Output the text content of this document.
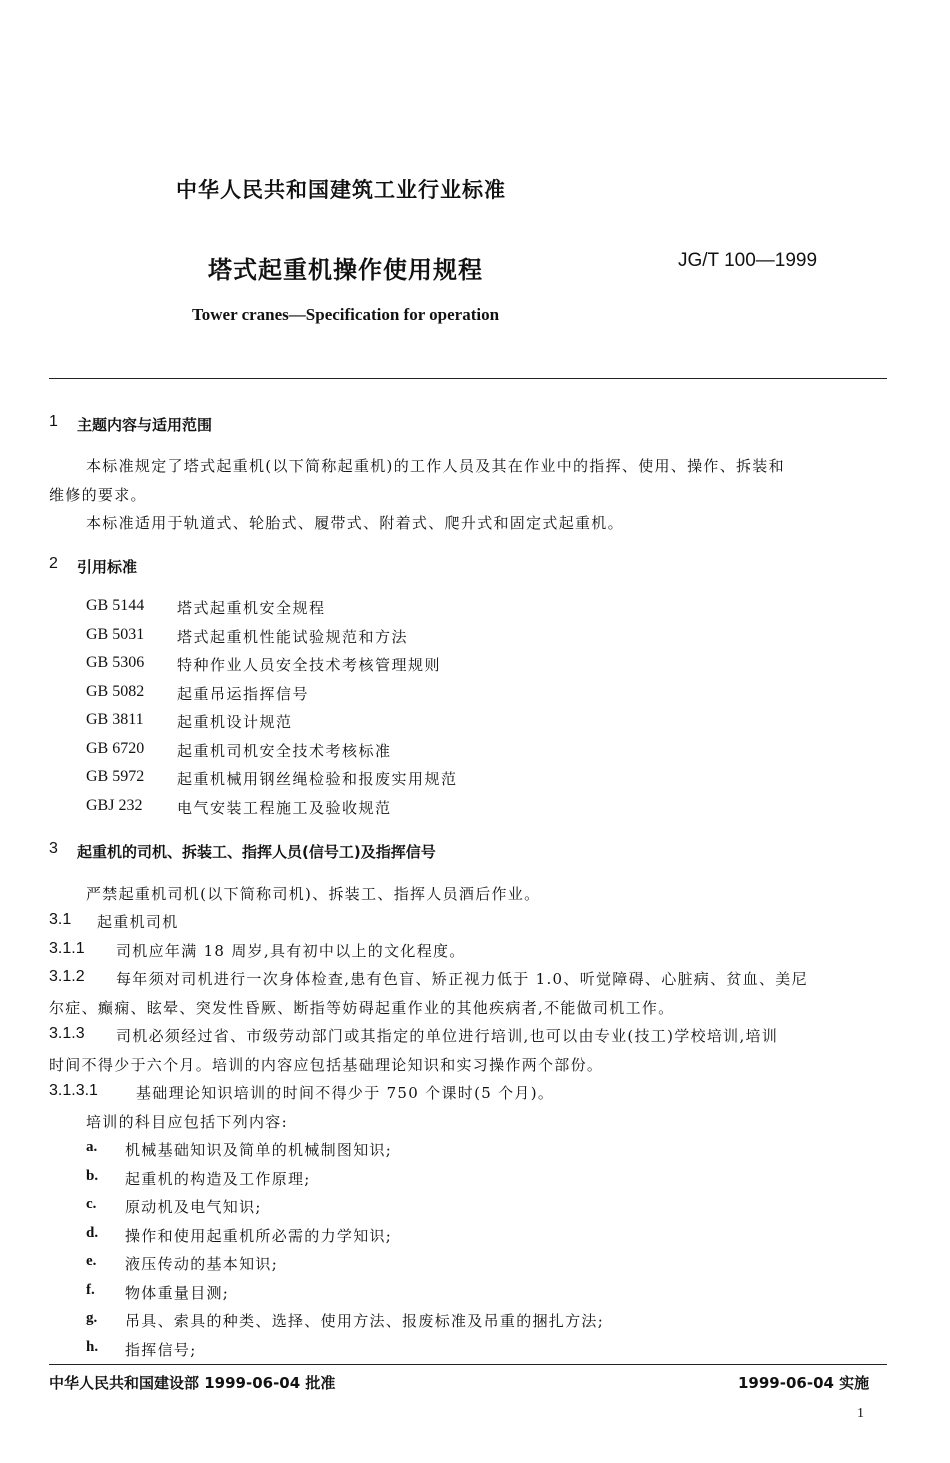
中华人民共和国建筑工业行业标准
塔式起重机操作使用规程	JG/T 100—1999
Tower cranes—Specification for operation
1 主题内容与适用范围
本标准规定了塔式起重机(以下简称起重机)的工作人员及其在作业中的指挥、使用、操作、拆装和
维修的要求。
本标准适用于轨道式、轮胎式、履带式、附着式、爬升式和固定式起重机。
2 引用标准
GB 5144 塔式起重机安全规程
GB 5031 塔式起重机性能试验规范和方法
GB 5306 特种作业人员安全技术考核管理规则
GB 5082 起重吊运指挥信号
GB 3811 起重机设计规范
GB 6720 起重机司机安全技术考核标准
GB 5972 起重机械用钢丝绳检验和报废实用规范
GBJ 232 电气安装工程施工及验收规范
3 起重机的司机、拆装工、指挥人员(信号工)及指挥信号
严禁起重机司机(以下简称司机)、拆装工、指挥人员酒后作业。
3.1 起重机司机
3.1.1 司机应年满 18 周岁,具有初中以上的文化程度。
3.1.2 每年须对司机进行一次身体检查,患有色盲、矫正视力低于 1.0、听觉障碍、心脏病、贫血、美尼
尔症、癫痫、眩晕、突发性昏厥、断指等妨碍起重作业的其他疾病者,不能做司机工作。
3.1.3 司机必须经过省、市级劳动部门或其指定的单位进行培训,也可以由专业(技工)学校培训,培训
时间不得少于六个月。培训的内容应包括基础理论知识和实习操作两个部份。
3.1.3.1	基础理论知识培训的时间不得少于 750 个课时(5 个月)。
培训的科目应包括下列内容:
a. 机械基础知识及简单的机械制图知识;
b. 起重机的构造及工作原理;
c. 原动机及电气知识;
d. 操作和使用起重机所必需的力学知识;
e. 液压传动的基本知识;
f. 物体重量目测;
g. 吊具、索具的种类、选择、使用方法、报废标准及吊重的捆扎方法;
h. 指挥信号;
中华人民共和国建设部 1999-06-04 批准	1999-06-04 实施
1
